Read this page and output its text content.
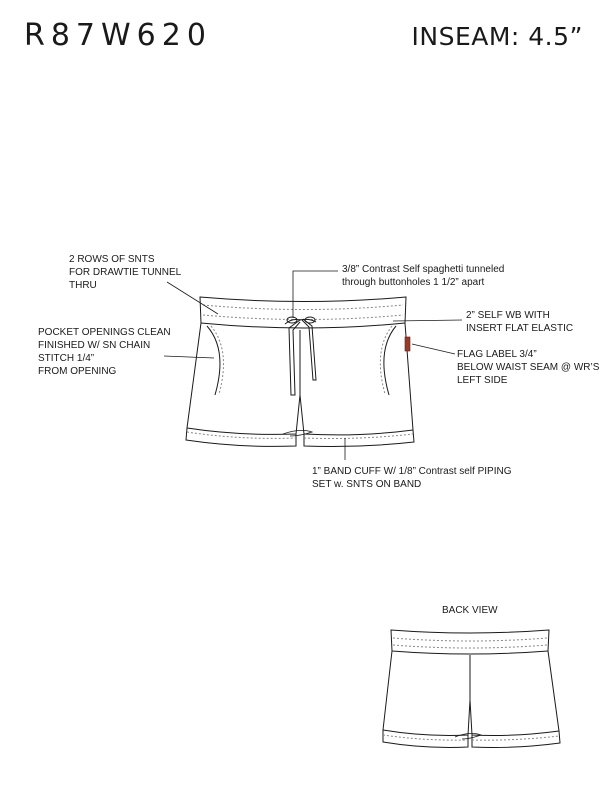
R87W620	INSEAM: 4.5”
2 ROWS OF SNTS
FOR DRAWTIE TUNNEL
THRU
POCKET OPENINGS CLEAN
FINISHED W/ SN CHAIN
STITCH 1/4”
FROM OPENING
3/8” Contrast Self spaghetti tunneled
through buttonholes 1 1/2” apart
2” SELF WB WITH
INSERT FLAT ELASTIC
FLAG LABEL 3/4”
BELOW WAIST SEAM @ WR’S
LEFT SIDE
1” BAND CUFF W/ 1/8” Contrast self PIPING
SET w. SNTS ON BAND
BACK VIEW
